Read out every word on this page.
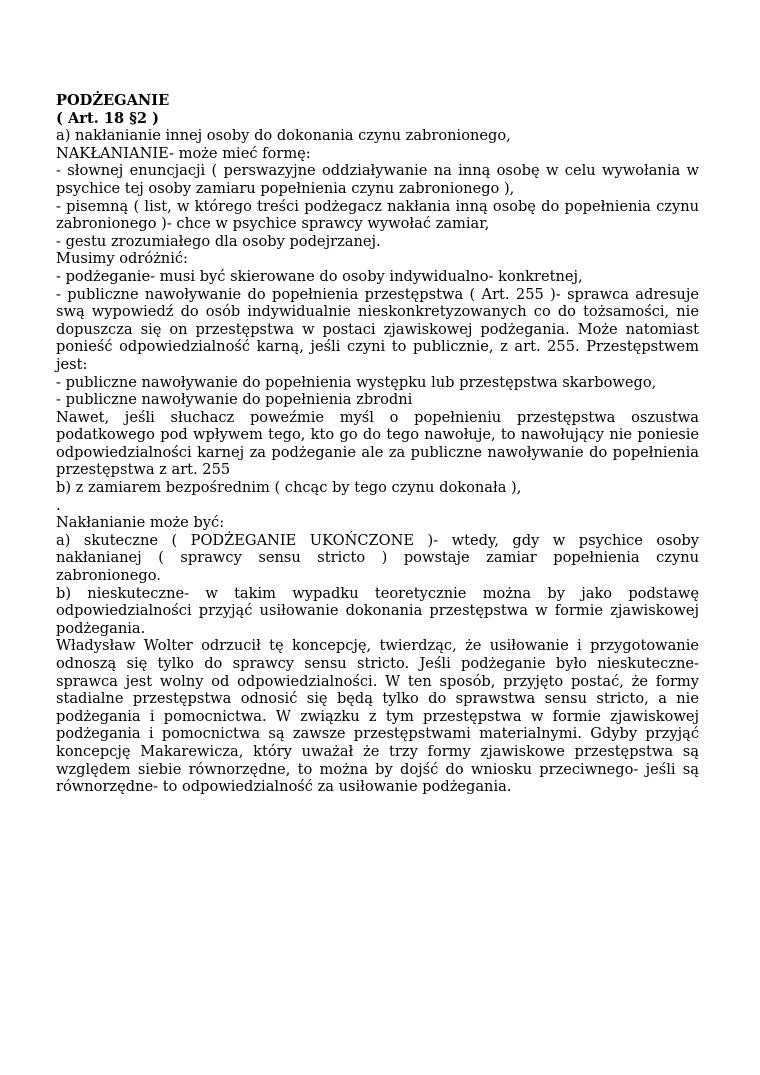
PODŻEGANIE

( Art. 18 §2 )

a) nakłanianie innej osoby do dokonania czynu zabronionego,

NAKŁANIANIE- może mieć formę:

- słownej enuncjacji ( perswazyjne oddziaływanie na inną osobę w celu wywołania w psychice tej osoby zamiaru popełnienia czynu zabronionego ),

- pisemną ( list, w którego treści podżegacz nakłania inną osobę do popełnienia czynu zabronionego )- chce w psychice sprawcy wywołać zamiar,

- gestu zrozumiałego dla osoby podejrzanej.

Musimy odróżnić:

- podżeganie- musi być skierowane do osoby indywidualno- konkretnej,

- publiczne nawoływanie do popełnienia przestępstwa ( Art. 255 )- sprawca adresuje swą wypowiedź do osób indywidualnie nieskonkretyzowanych co do tożsamości, nie dopuszcza się on przestępstwa w postaci zjawiskowej podżegania. Może natomiast ponieść odpowiedzialność karną, jeśli czyni to publicznie, z art. 255. Przestępstwem jest:

- publiczne nawoływanie do popełnienia występku lub przestępstwa skarbowego,

- publiczne nawoływanie do popełnienia zbrodni

Nawet, jeśli słuchacz poweźmie myśl o popełnieniu przestępstwa oszustwa podatkowego pod wpływem tego, kto go do tego nawołuje, to nawołujący nie poniesie odpowiedzialności karnej za podżeganie ale za publiczne nawoływanie do popełnienia przestępstwa z art. 255

b) z zamiarem bezpośrednim ( chcąc by tego czynu dokonała ),

.

Nakłanianie może być:

a) skuteczne ( PODŻEGANIE UKOŃCZONE )- wtedy, gdy w psychice osoby nakłanianej ( sprawcy sensu stricto ) powstaje zamiar popełnienia czynu zabronionego.

b) nieskuteczne- w takim wypadku teoretycznie można by jako podstawę odpowiedzialności przyjąć usiłowanie dokonania przestępstwa w formie zjawiskowej podżegania.

Władysław Wolter odrzucił tę koncepcję, twierdząc, że usiłowanie i przygotowanie odnoszą się tylko do sprawcy sensu stricto. Jeśli podżeganie było nieskuteczne- sprawca jest wolny od odpowiedzialności. W ten sposób, przyjęto postać, że formy stadialne przestępstwa odnosić się będą tylko do sprawstwa sensu stricto, a nie podżegania i pomocnictwa. W związku z tym przestępstwa w formie zjawiskowej podżegania i pomocnictwa są zawsze przestępstwami materialnymi. Gdyby przyjąć koncepcję Makarewicza, który uważał że trzy formy zjawiskowe przestępstwa są względem siebie równorzędne, to można by dojść do wniosku przeciwnego- jeśli są równorzędne- to odpowiedzialność za usiłowanie podżegania.
